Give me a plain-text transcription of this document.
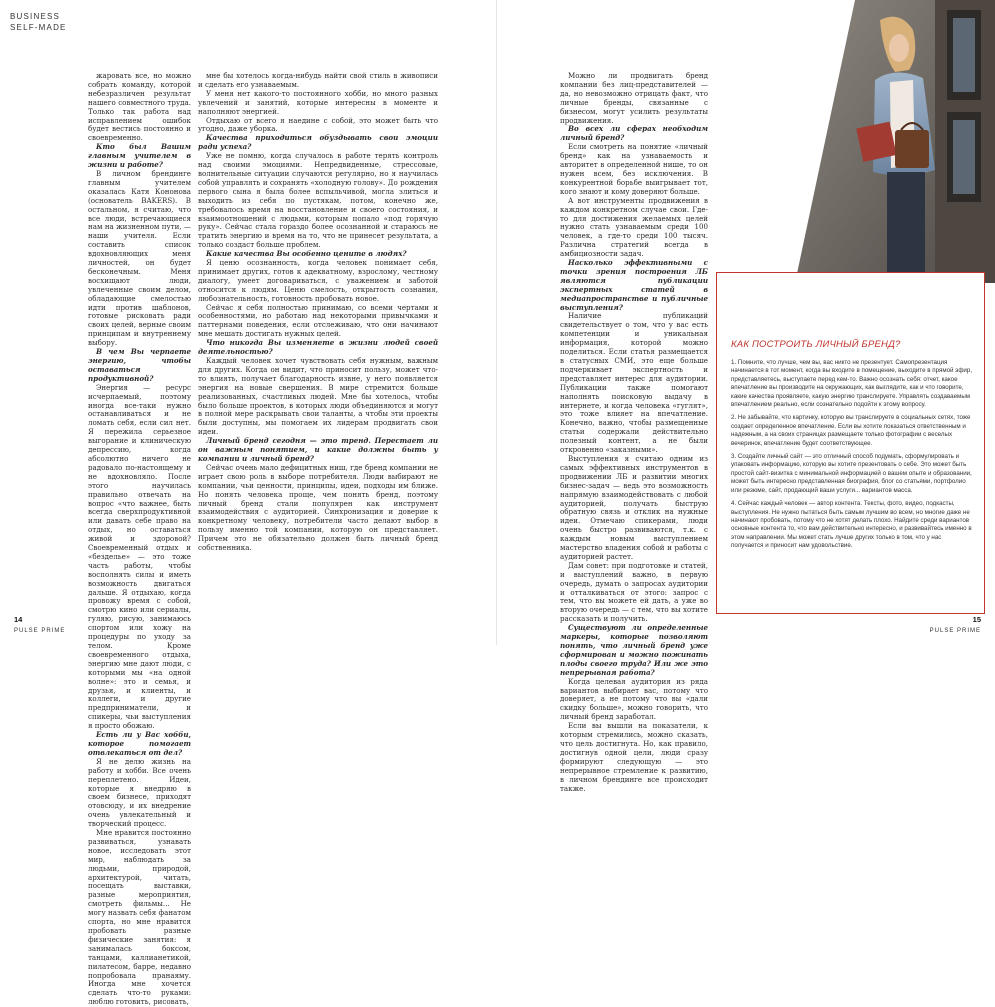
BUSINESS
SELF-MADE

жаровать все, но можно собрать команду, которой небезразличен результат нашего совместного труда. Только так работа над исправлением ошибок будет вестись постоянно и своевременно.

Кто был Вашим главным учителем в жизни и работе?

В личном брендинге главным учителем оказалась Катя Кононова (основатель BAKERS). В остальном, я считаю, что все люди, встречающиеся нам на жизненном пути, — наши учителя. Если составить список вдохновляющих меня личностей, он будет бесконечным. Меня восхищают люди, увлеченные своим делом, обладающие смелостью идти против шаблонов, готовые рисковать ради своих целей, верные своим принципам и внутреннему выбору.

В чем Вы черпаете энергию, чтобы оставаться продуктивной?

Энергия — ресурс исчерпаемый, поэтому иногда все-таки нужно останавливаться и не ломать себя, если сил нет. Я пережила серьезное выгорание и клиническую депрессию, когда абсолютно ничего не радовало по-настоящему и не вдохновляло. После этого научилась правильно отвечать на вопрос «что важнее, быть всегда сверхпродуктивной или давать себе право на отдых, но оставаться живой и здоровой? Своевременный отдых и «безделье» — это тоже часть работы, чтобы восполнять силы и иметь возможность двигаться дальше. Я отдыхаю, когда провожу время с собой, смотрю кино или сериалы, гуляю, рисую, занимаюсь спортом или хожу на процедуры по уходу за телом. Кроме своевременного отдыха, энергию мне дают люди, с которыми мы «на одной волне»: это и семья, и друзья, и клиенты, и коллеги, и другие предприниматели, и спикеры, чьи выступления я просто обожаю.

Есть ли у Вас хобби, которое помогает отвлекаться от дел?

Я не делю жизнь на работу и хобби. Все очень переплетено. Идеи, которые я внедряю в своем бизнесе, приходят отовсюду, и их внедрение очень увлекательный и творческий процесс.

Мне нравится постоянно развиваться, узнавать новое, исследовать этот мир, наблюдать за людьми, природой, архитектурой, читать, посещать выставки, разные мероприятия, смотреть фильмы... Не могу назвать себя фанатом спорта, но мне нравится пробовать разные физические занятия: я занималась боксом, танцами, каллианетикой, пилатесом, барре, недавно попробовала пранаяму. Иногда мне хочется сделать что-то руками: люблю готовить, рисовать,

мне бы хотелось когда-нибудь найти свой стиль в живописи и сделать его узнаваемым.

У меня нет какого-то постоянного хобби, но много разных увлечений и занятий, которые интересны в моменте и наполняют энергией.

Отдыхаю от всего я наедине с собой, это может быть что угодно, даже уборка.

Качества приходиться обуздывать свои эмоции ради успеха?

Уже не помню, когда случалось в работе терять контроль над своими эмоциями. Непредвиденные, стрессовые, волнительные ситуации случаются регулярно, но я научилась собой управлять и сохранять «холодную голову». До рождения первого сына я была более вспыльчивой, могла злиться и выходить из себя по пустякам, потом, конечно же, требовалось время на восстановление и своего состояния, и взаимоотношений с людьми, которым попало «под горячую руку». Сейчас стала гораздо более осознанной и стараюсь не тратить энергию и время на то, что не принесет результата, а только создаст больше проблем.

Какие качества Вы особенно цените в людях?

Я ценю осознанность, когда человек понимает себя, принимает других, готов к адекватному, взрослому, честному диалогу, умеет договариваться, с уважением и заботой относится к людям. Ценю смелость, открытость сознания, любознательность, готовность пробовать новое.

Сейчас я себя полностью принимаю, со всеми чертами и особенностями, но работаю над некоторыми привычками и паттернами поведения, если отслеживаю, что они начинают мне мешать достигать нужных целей.

Что никогда Вы изменяете в жизни людей своей деятельностью?

Каждый человек хочет чувствовать себя нужным, важным для других. Когда он видит, что приносит пользу, может что-то влиять, получает благодарность извне, у него появляется энергия на новые свершения. В мире стремится больше реализованных, счастливых людей. Мне бы хотелось, чтобы было больше проектов, в которых люди объединяются и могут в полной мере раскрывать свои таланты, а чтобы эти проекты были доступны, мы помогаем их лидерам продвигать свои идеи.

Личный бренд сегодня — это тренд. Перестает ли он важным понятием, и какие должны быть у компании и личный бренд?

Сейчас очень мало дефицитных ниш, где бренд компании не играет свою роль в выборе потребителя. Люди выбирают не компании, чьи ценности, принципы, идеи, подходы им ближе. Но понять человека проще, чем понять бренд, поэтому личный бренд стали популярен как инструмент взаимодействия с аудиторией. Синхронизация и доверие к конкретному человеку, потребители часто делают выбор в пользу именно той компании, которую он представляет. Причем это не обязательно должен быть личный бренд собственника.

14
PULSE PRIME

Можно ли продвигать бренд компании без лиц-представителей — да, но невозможно отрицать факт, что личные бренды, связанные с бизнесом, могут усилить результаты продвижения.

Во всех ли сферах необходим личный бренд?

Если смотреть на понятие «личный бренд» как на узнаваемость и авторитет в определенной нише, то он нужен всем, без исключения. В конкурентной борьбе выигрывает тот, кого знают и кому доверяют больше.

А вот инструменты продвижения в каждом конкретном случае свои. Где-то для достижения желаемых целей нужно стать узнаваемым среди 100 человек, а где-то среди 100 тысяч. Различна стратегий всегда в амбициозности задач.

Насколько эффективными с точки зрения построения ЛБ являются публикации экспертных статей в медиапространстве и публичные выступления?

Наличие публикаций свидетельствует о том, что у вас есть компетенции и уникальная информация, которой можно поделиться. Если статья размещается в статусных СМИ, это еще больше подчеркивает экспертность и представляет интерес для аудитории. Публикации также помогают наполнять поисковую выдачу в интернете, и когда человека «гуглят», это тоже влияет на впечатление. Конечно, важно, чтобы размещенные статьи содержали действительно полезный контент, а не были откровенно «заказными».

Выступления я считаю одним из самых эффективных инструментов в продвижении ЛБ и развитии многих бизнес-задач — ведь это возможность напрямую взаимодействовать с любой аудиторией, получать быструю обратную связь и отклик на нужные идеи. Отмечаю спикерами, люди очень быстро развиваются, т.к. с каждым новым выступлением мастерство владения собой и работы с аудиторией растет.

Дам совет: при подготовке и статей, и выступлений важно, в первую очередь, думать о запросах аудитории и отталкиваться от этого: запрос с тем, что вы можете ей дать, а уже во вторую очередь — с тем, что вы хотите рассказать и получить.

Существуют ли определенные маркеры, которые позволяют понять, что личный бренд уже сформирован и можно пожинать плоды своего труда? Или же это непрерывная работа?

Когда целевая аудитория из ряда вариантов выбирает вас, потому что доверяет, а не потому что вы «дали скидку больше», можно говорить, что личный бренд заработал.

Если вы вышли на показатели, к которым стремились, можно сказать, что цель достигнута. Но, как правило, достигнув одной цели, люди сразу формируют следующую — это непрерывное стремление к развитию, в личном брендинге все происходит также.

КАК ПОСТРОИТЬ ЛИЧНЫЙ БРЕНД?

1. Помните, что лучше, чем вы, вас никто не презентует. Самопрезентация начинается в тот момент, когда вы входите в помещение, выходите в прямой эфир, представляетесь, выступаете перед кем-то. Важно осознать себя: отчет, какое впечатление вы производите на окружающих, как выглядите, как и что говорите, какие качества проявляете, какую энергию транслируете. Управлять создаваемым впечатлением реально, если сознательно подойти к этому вопросу.

2. Не забывайте, что картинку, которую вы транслируете в социальных сетях, тоже создает определенное впечатление. Если вы хотите показаться ответственным и надежным, а на своих страницах размещаете только фотографии с веселых вечеринок, впечатление будет соответствующее.

3. Создайте личный сайт — это отличный способ подумать, сформулировать и упаковать информацию, которую вы хотите презентовать о себе. Это может быть простой сайт-визитка с минимальной информацией о вашем опыте и образовании, может быть интересно представленная биография, блог со статьями, портфолио или резюме, сайт, продающий ваши услуги... вариантов масса.

4. Сейчас каждый человек — автор контента. Тексты, фото, видео, подкасты, выступления. Не нужно пытаться быть самым лучшим во всем, но многие даже не начинают пробовать, потому что не хотят делать плохо. Найдите среди вариантов основные контента то, что вам действительно интересно, и развивайтесь именно в этом направлении. Мы может стать лучше других только в том, что у нас получается и приносит нам удовольствие.

15
PULSE PRIME
